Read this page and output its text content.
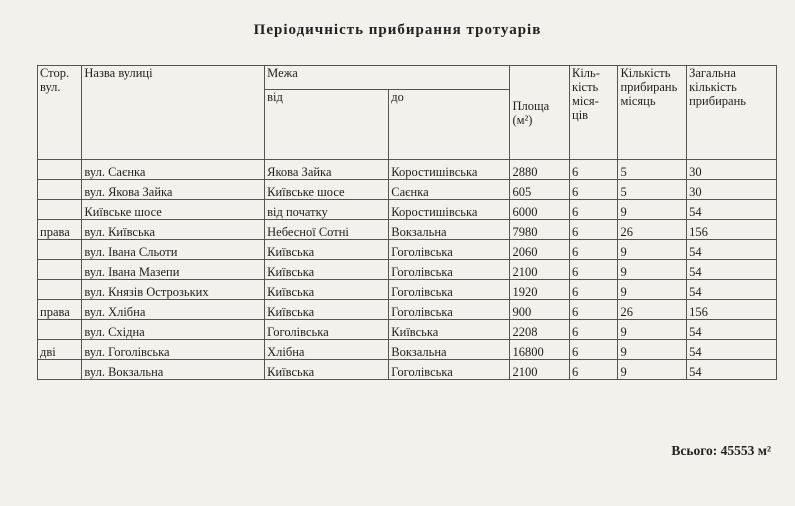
Періодичність прибирання тротуарів
Стор. вул.	Назва вулиці	Межа		Площа (м²)	Кіль- кість міся- ців	Кількість прибирань місяць	Загальна кількість прибирань
		від	до				
	вул. Саєнка	Якова Зайка	Коростишівська	2880	6	5	30
	вул. Якова Зайка	Київське шосе	Саєнка	605	6	5	30
	Київське шосе	від початку	Коростишівська	6000	6	9	54
права	вул. Київська	Небесної Сотні	Вокзальна	7980	6	26	156
	вул. Івана Сльоти	Київська	Гоголівська	2060	6	9	54
	вул. Івана Мазепи	Київська	Гоголівська	2100	6	9	54
	вул. Князів Острозьких	Київська	Гоголівська	1920	6	9	54
права	вул. Хлібна	Київська	Гоголівська	900	6	26	156
	вул. Східна	Гоголівська	Київська	2208	6	9	54
дві	вул. Гоголівська	Хлібна	Вокзальна	16800	6	9	54
	вул. Вокзальна	Київська	Гоголівська	2100	6	9	54
Всього: 45553 м²
